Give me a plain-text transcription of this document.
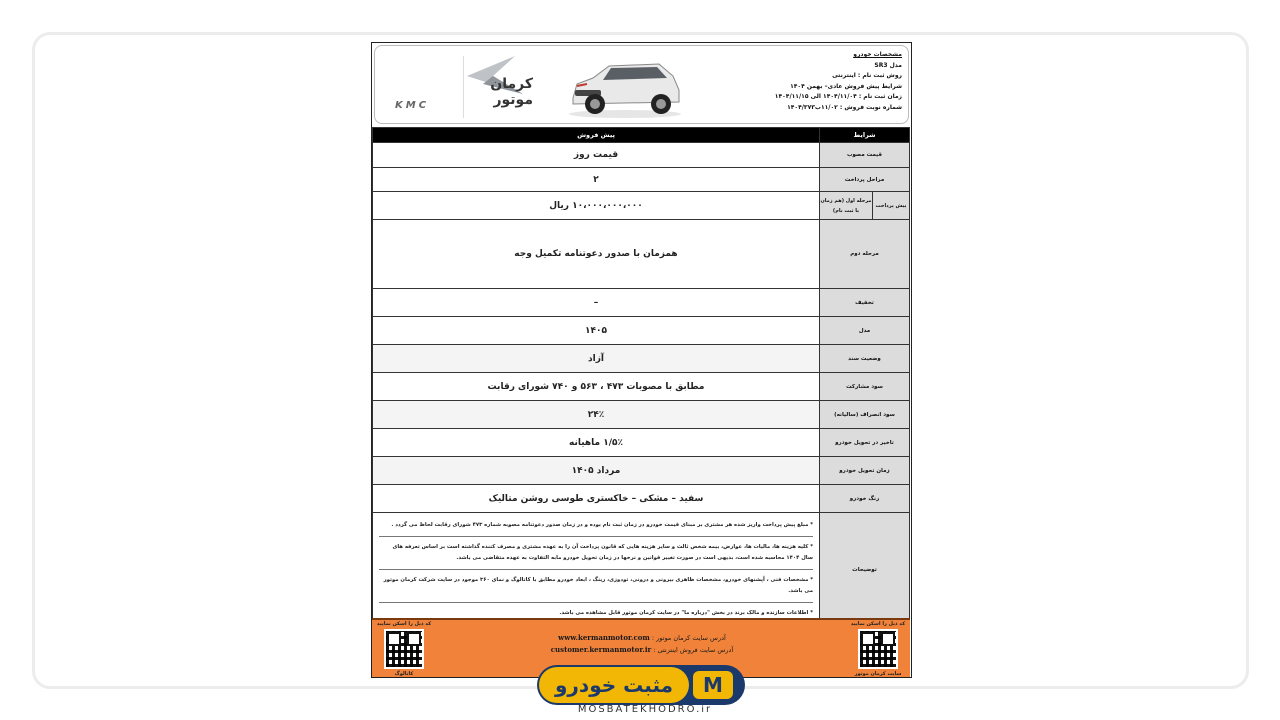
مشخصات خودرو
مدل SR3
روش ثبت نام : اینترنتی
شرایط پیش فروش عادی– بهمن ۱۴۰۴
زمان ثبت نام : ۱۴۰۴/۱۱/۰۴ الی ۱۴۰۴/۱۱/۱۵
شماره نوبت فروش : ۱۱/۰۲ب۱۴۰۴/۳۷۳
KMC
کرمان موتور
شرایط		پیش فروش
قیمت مصوب		قیمت روز
مراحل پرداخت		۲
پیش پرداخت	مرحله اول (هم زمان با ثبت نام)	۱۰،۰۰۰،۰۰۰،۰۰۰ ریال
مرحله دوم		همزمان با صدور دعوتنامه تکمیل وجه
تخفیف		–
مدل		۱۴۰۵
وضعیت سند		آزاد
سود مشارکت		مطابق با مصوبات ۴۷۳ ، ۵۶۳ و ۷۴۰ شورای رقابت
سود انصراف (سالیانه)		۲۴٪
تاخیر در تحویل خودرو		۱/۵٪ ماهیانه
زمان تحویل خودرو		مرداد ۱۴۰۵
رنگ خودرو		سفید – مشکی – خاکستری طوسی روشن متالیک
توضیحات		* مبلغ پیش پرداخت واریز شده هر مشتری بر مبنای قیمت خودرو در زمان ثبت نام بوده و در زمان صدور دعوتنامه مصوبه شماره ۴۷۳ شورای رقابت لحاظ می گردد .
* کلیه هزینه ها، مالیات ها، عوارض، بیمه شخص ثالث و سایر هزینه هایی که قانون پرداخت آن را به عهده مشتری و مصرف کننده گذاشته است بر اساس تعرفه های سال ۱۴۰۴ محاسبه شده است، بدیهی است در صورت تغییر قوانین و نرخها در زمان تحویل خودرو مابه التفاوت به عهده متقاضی می باشد.
* مشخصات فنی ، آپشنهای خودرو، مشخصات ظاهری بیرونی و درونی، تودوزی، رینگ ، ابعاد خودرو مطابق با کاتالوگ و نمای ۳۶۰ موجود در سایت شرکت کرمان موتور می باشد.
* اطلاعات سازنده و مالک برند در بخش "درباره ما" در سایت کرمان موتور قابل مشاهده می باشد.
کد ذیل را اسکن نمایید
سایت کرمان موتور
آدرس سایت کرمان موتور : www.kermanmotor.com
آدرس سایت فروش اینترنتی : customer.kermanmotor.ir
کد ذیل را اسکن نمایید
کاتالوگ	مثبت خودرو	M
MOSBATEKHODRO.ir
